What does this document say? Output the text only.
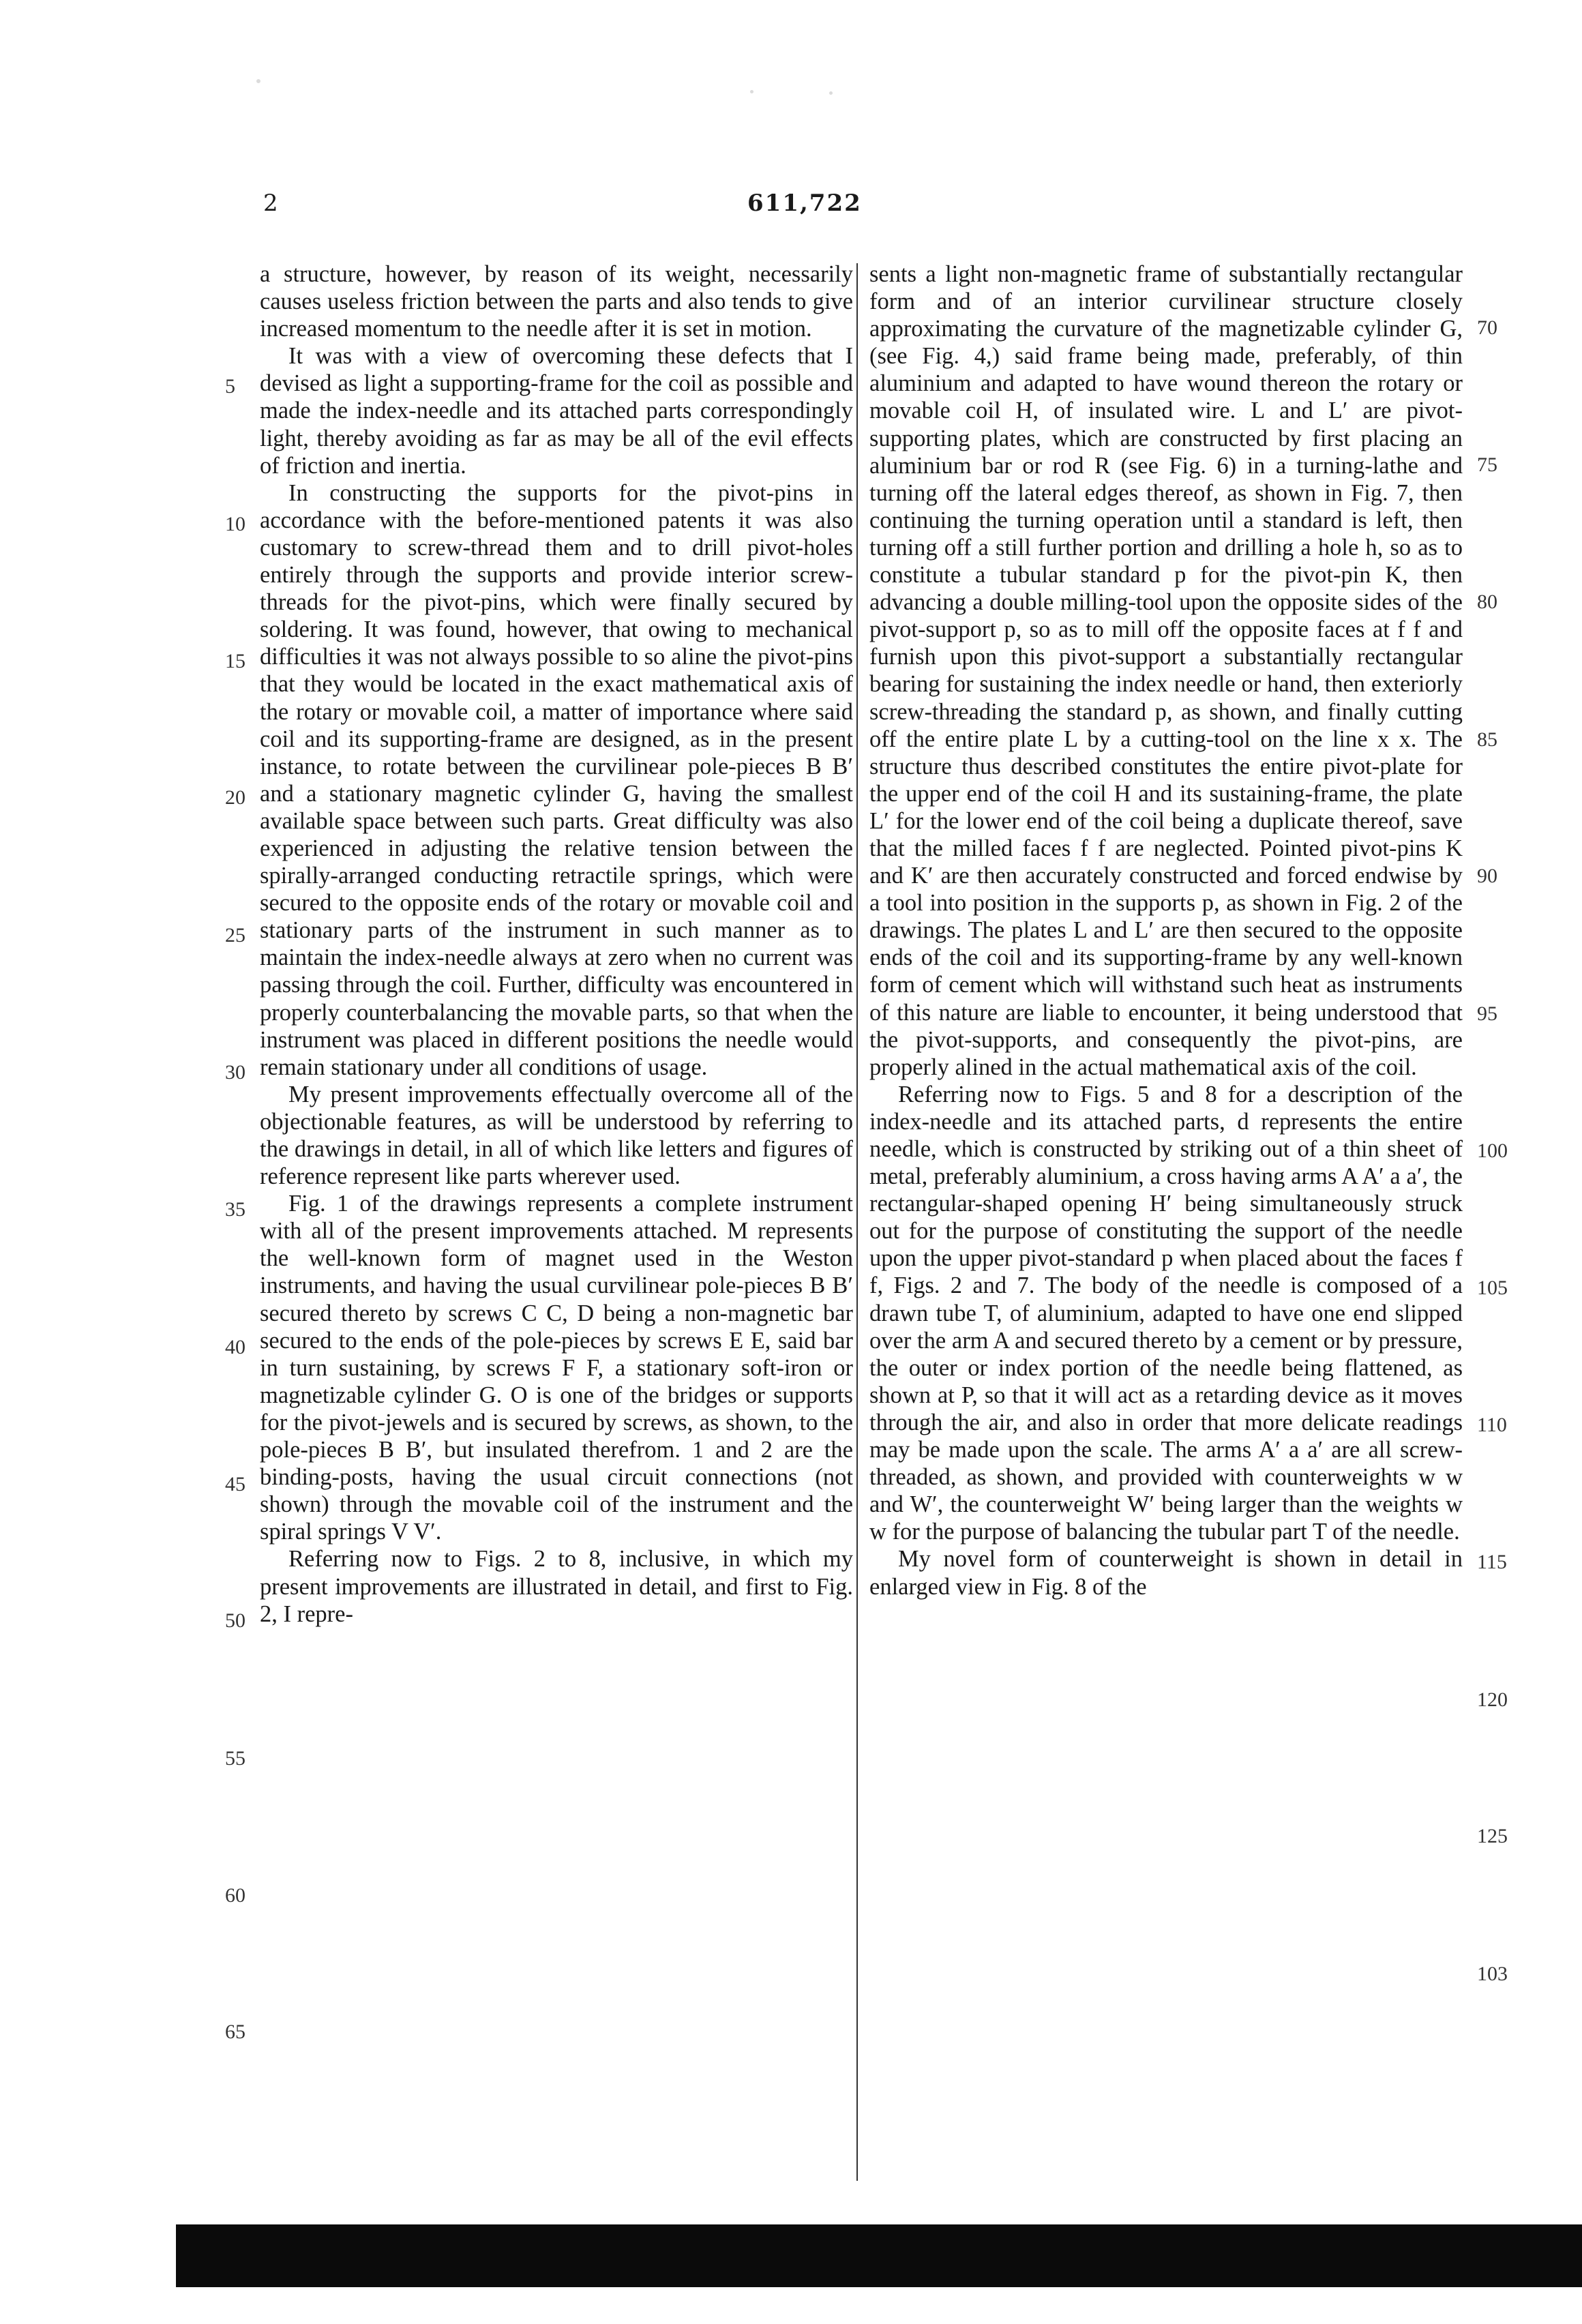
2	611,722

a structure, however, by reason of its weight, necessarily causes useless friction between the parts and also tends to give increased momentum to the needle after it is set in motion.

It was with a view of overcoming these defects that I devised as light a supporting-frame for the coil as possible and made the index-needle and its attached parts correspondingly light, thereby avoiding as far as may be all of the evil effects of friction and inertia.

In constructing the supports for the pivot-pins in accordance with the before-mentioned patents it was also customary to screw-thread them and to drill pivot-holes entirely through the supports and provide interior screw-threads for the pivot-pins, which were finally secured by soldering. It was found, however, that owing to mechanical difficulties it was not always possible to so aline the pivot-pins that they would be located in the exact mathematical axis of the rotary or movable coil, a matter of importance where said coil and its supporting-frame are designed, as in the present instance, to rotate between the curvilinear pole-pieces B B′ and a stationary magnetic cylinder G, having the smallest available space between such parts. Great difficulty was also experienced in adjusting the relative tension between the spirally-arranged conducting retractile springs, which were secured to the opposite ends of the rotary or movable coil and stationary parts of the instrument in such manner as to maintain the index-needle always at zero when no current was passing through the coil. Further, difficulty was encountered in properly counterbalancing the movable parts, so that when the instrument was placed in different positions the needle would remain stationary under all conditions of usage.

My present improvements effectually overcome all of the objectionable features, as will be understood by referring to the drawings in detail, in all of which like letters and figures of reference represent like parts wherever used.

Fig. 1 of the drawings represents a complete instrument with all of the present improvements attached. M represents the well-known form of magnet used in the Weston instruments, and having the usual curvilinear pole-pieces B B′ secured thereto by screws C C, D being a non-magnetic bar secured to the ends of the pole-pieces by screws E E, said bar in turn sustaining, by screws F F, a stationary soft-iron or magnetizable cylinder G. O is one of the bridges or supports for the pivot-jewels and is secured by screws, as shown, to the pole-pieces B B′, but insulated therefrom. 1 and 2 are the binding-posts, having the usual circuit connections (not shown) through the movable coil of the instrument and the spiral springs V V′.

Referring now to Figs. 2 to 8, inclusive, in which my present improvements are illustrated in detail, and first to Fig. 2, I repre-

sents a light non-magnetic frame of substantially rectangular form and of an interior curvilinear structure closely approximating the curvature of the magnetizable cylinder G, (see Fig. 4,) said frame being made, preferably, of thin aluminium and adapted to have wound thereon the rotary or movable coil H, of insulated wire. L and L′ are pivot-supporting plates, which are constructed by first placing an aluminium bar or rod R (see Fig. 6) in a turning-lathe and turning off the lateral edges thereof, as shown in Fig. 7, then continuing the turning operation until a standard is left, then turning off a still further portion and drilling a hole h, so as to constitute a tubular standard p for the pivot-pin K, then advancing a double milling-tool upon the opposite sides of the pivot-support p, so as to mill off the opposite faces at f f and furnish upon this pivot-support a substantially rectangular bearing for sustaining the index needle or hand, then exteriorly screw-threading the standard p, as shown, and finally cutting off the entire plate L by a cutting-tool on the line x x. The structure thus described constitutes the entire pivot-plate for the upper end of the coil H and its sustaining-frame, the plate L′ for the lower end of the coil being a duplicate thereof, save that the milled faces f f are neglected. Pointed pivot-pins K and K′ are then accurately constructed and forced endwise by a tool into position in the supports p, as shown in Fig. 2 of the drawings. The plates L and L′ are then secured to the opposite ends of the coil and its supporting-frame by any well-known form of cement which will withstand such heat as instruments of this nature are liable to encounter, it being understood that the pivot-supports, and consequently the pivot-pins, are properly alined in the actual mathematical axis of the coil.

Referring now to Figs. 5 and 8 for a description of the index-needle and its attached parts, d represents the entire needle, which is constructed by striking out of a thin sheet of metal, preferably aluminium, a cross having arms A A′ a a′, the rectangular-shaped opening H′ being simultaneously struck out for the purpose of constituting the support of the needle upon the upper pivot-standard p when placed about the faces f f, Figs. 2 and 7. The body of the needle is composed of a drawn tube T, of aluminium, adapted to have one end slipped over the arm A and secured thereto by a cement or by pressure, the outer or index portion of the needle being flattened, as shown at P, so that it will act as a retarding device as it moves through the air, and also in order that more delicate readings may be made upon the scale. The arms A′ a a′ are all screw-threaded, as shown, and provided with counterweights w w and W′, the counterweight W′ being larger than the weights w w for the purpose of balancing the tubular part T of the needle.

My novel form of counterweight is shown in detail in enlarged view in Fig. 8 of the

5
10
15
20
25
30
35
40
45
50
55
60
65
70
75
80
85
90
95
100
105
110
115
120
125
103
